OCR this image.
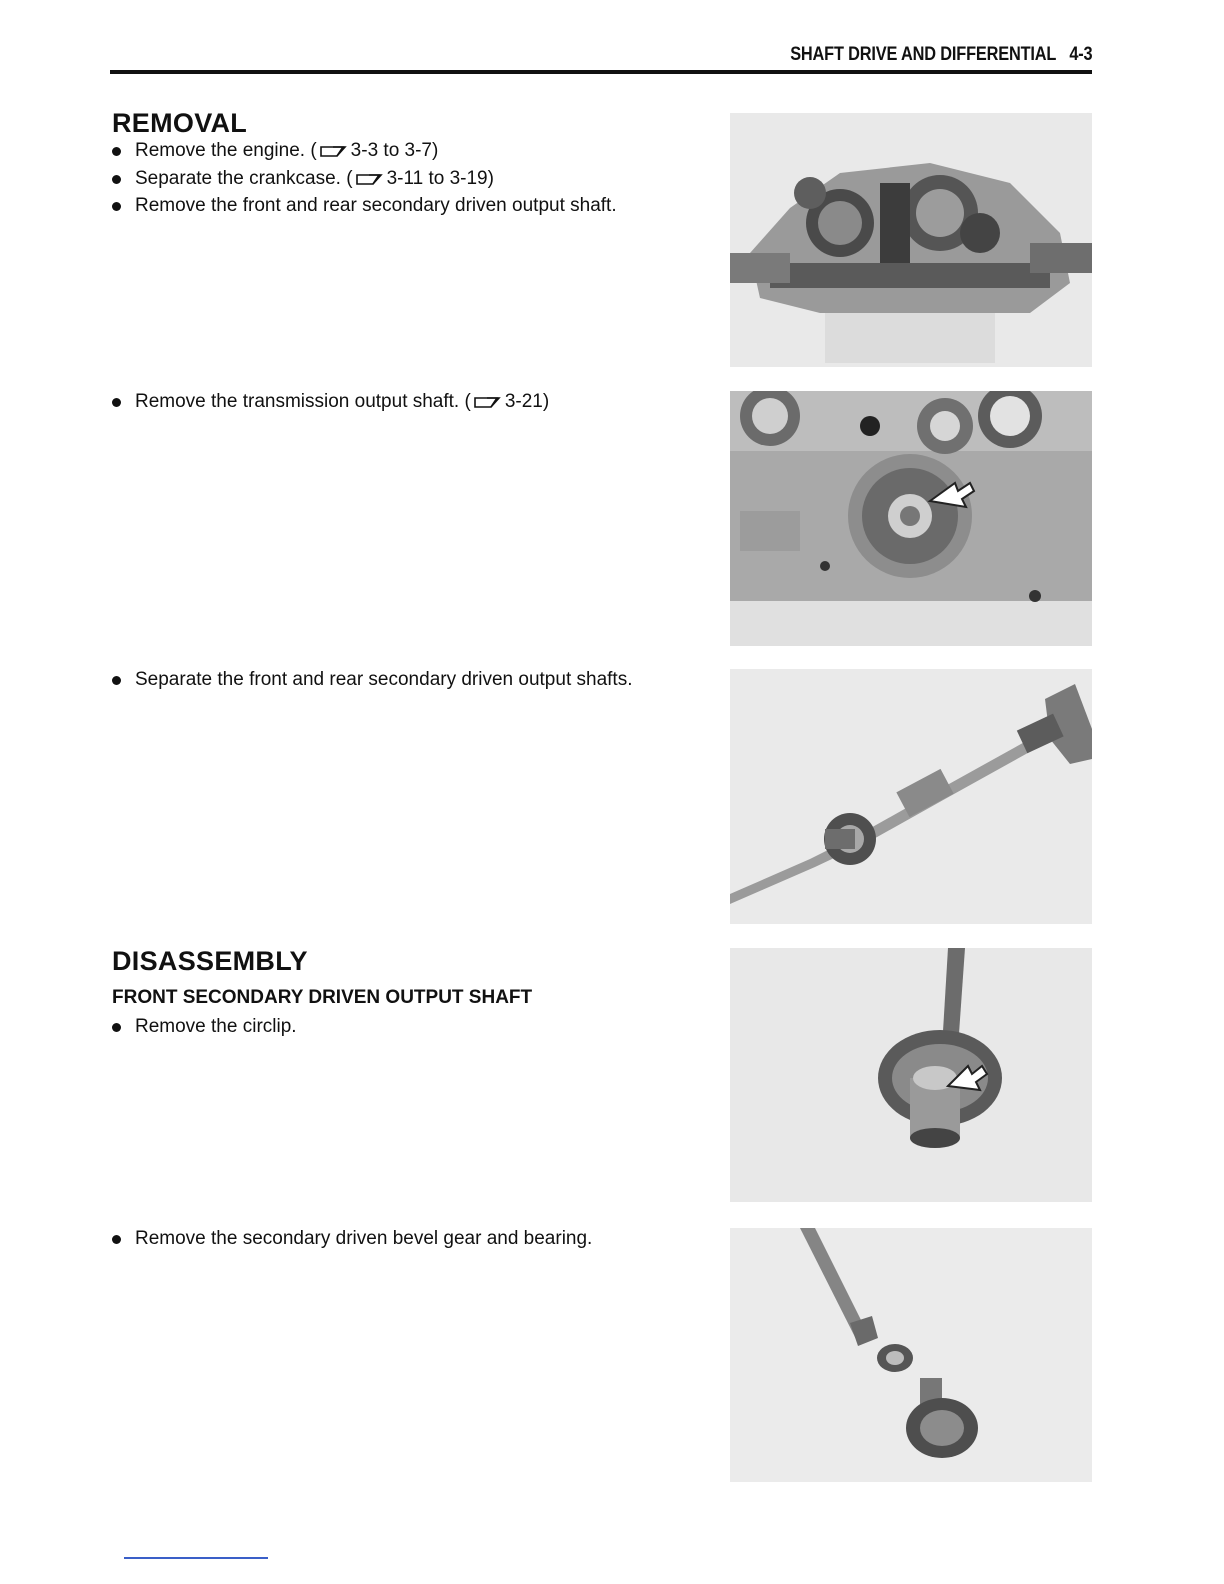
SHAFT DRIVE AND DIFFERENTIAL 4-3
REMOVAL
Remove the engine. ( 3-3 to 3-7)
Separate the crankcase. ( 3-11 to 3-19)
Remove the front and rear secondary driven output shaft.
Remove the transmission output shaft. ( 3-21)
Separate the front and rear secondary driven output shafts.
DISASSEMBLY
FRONT SECONDARY DRIVEN OUTPUT SHAFT
Remove the circlip.
Remove the secondary driven bevel gear and bearing.
